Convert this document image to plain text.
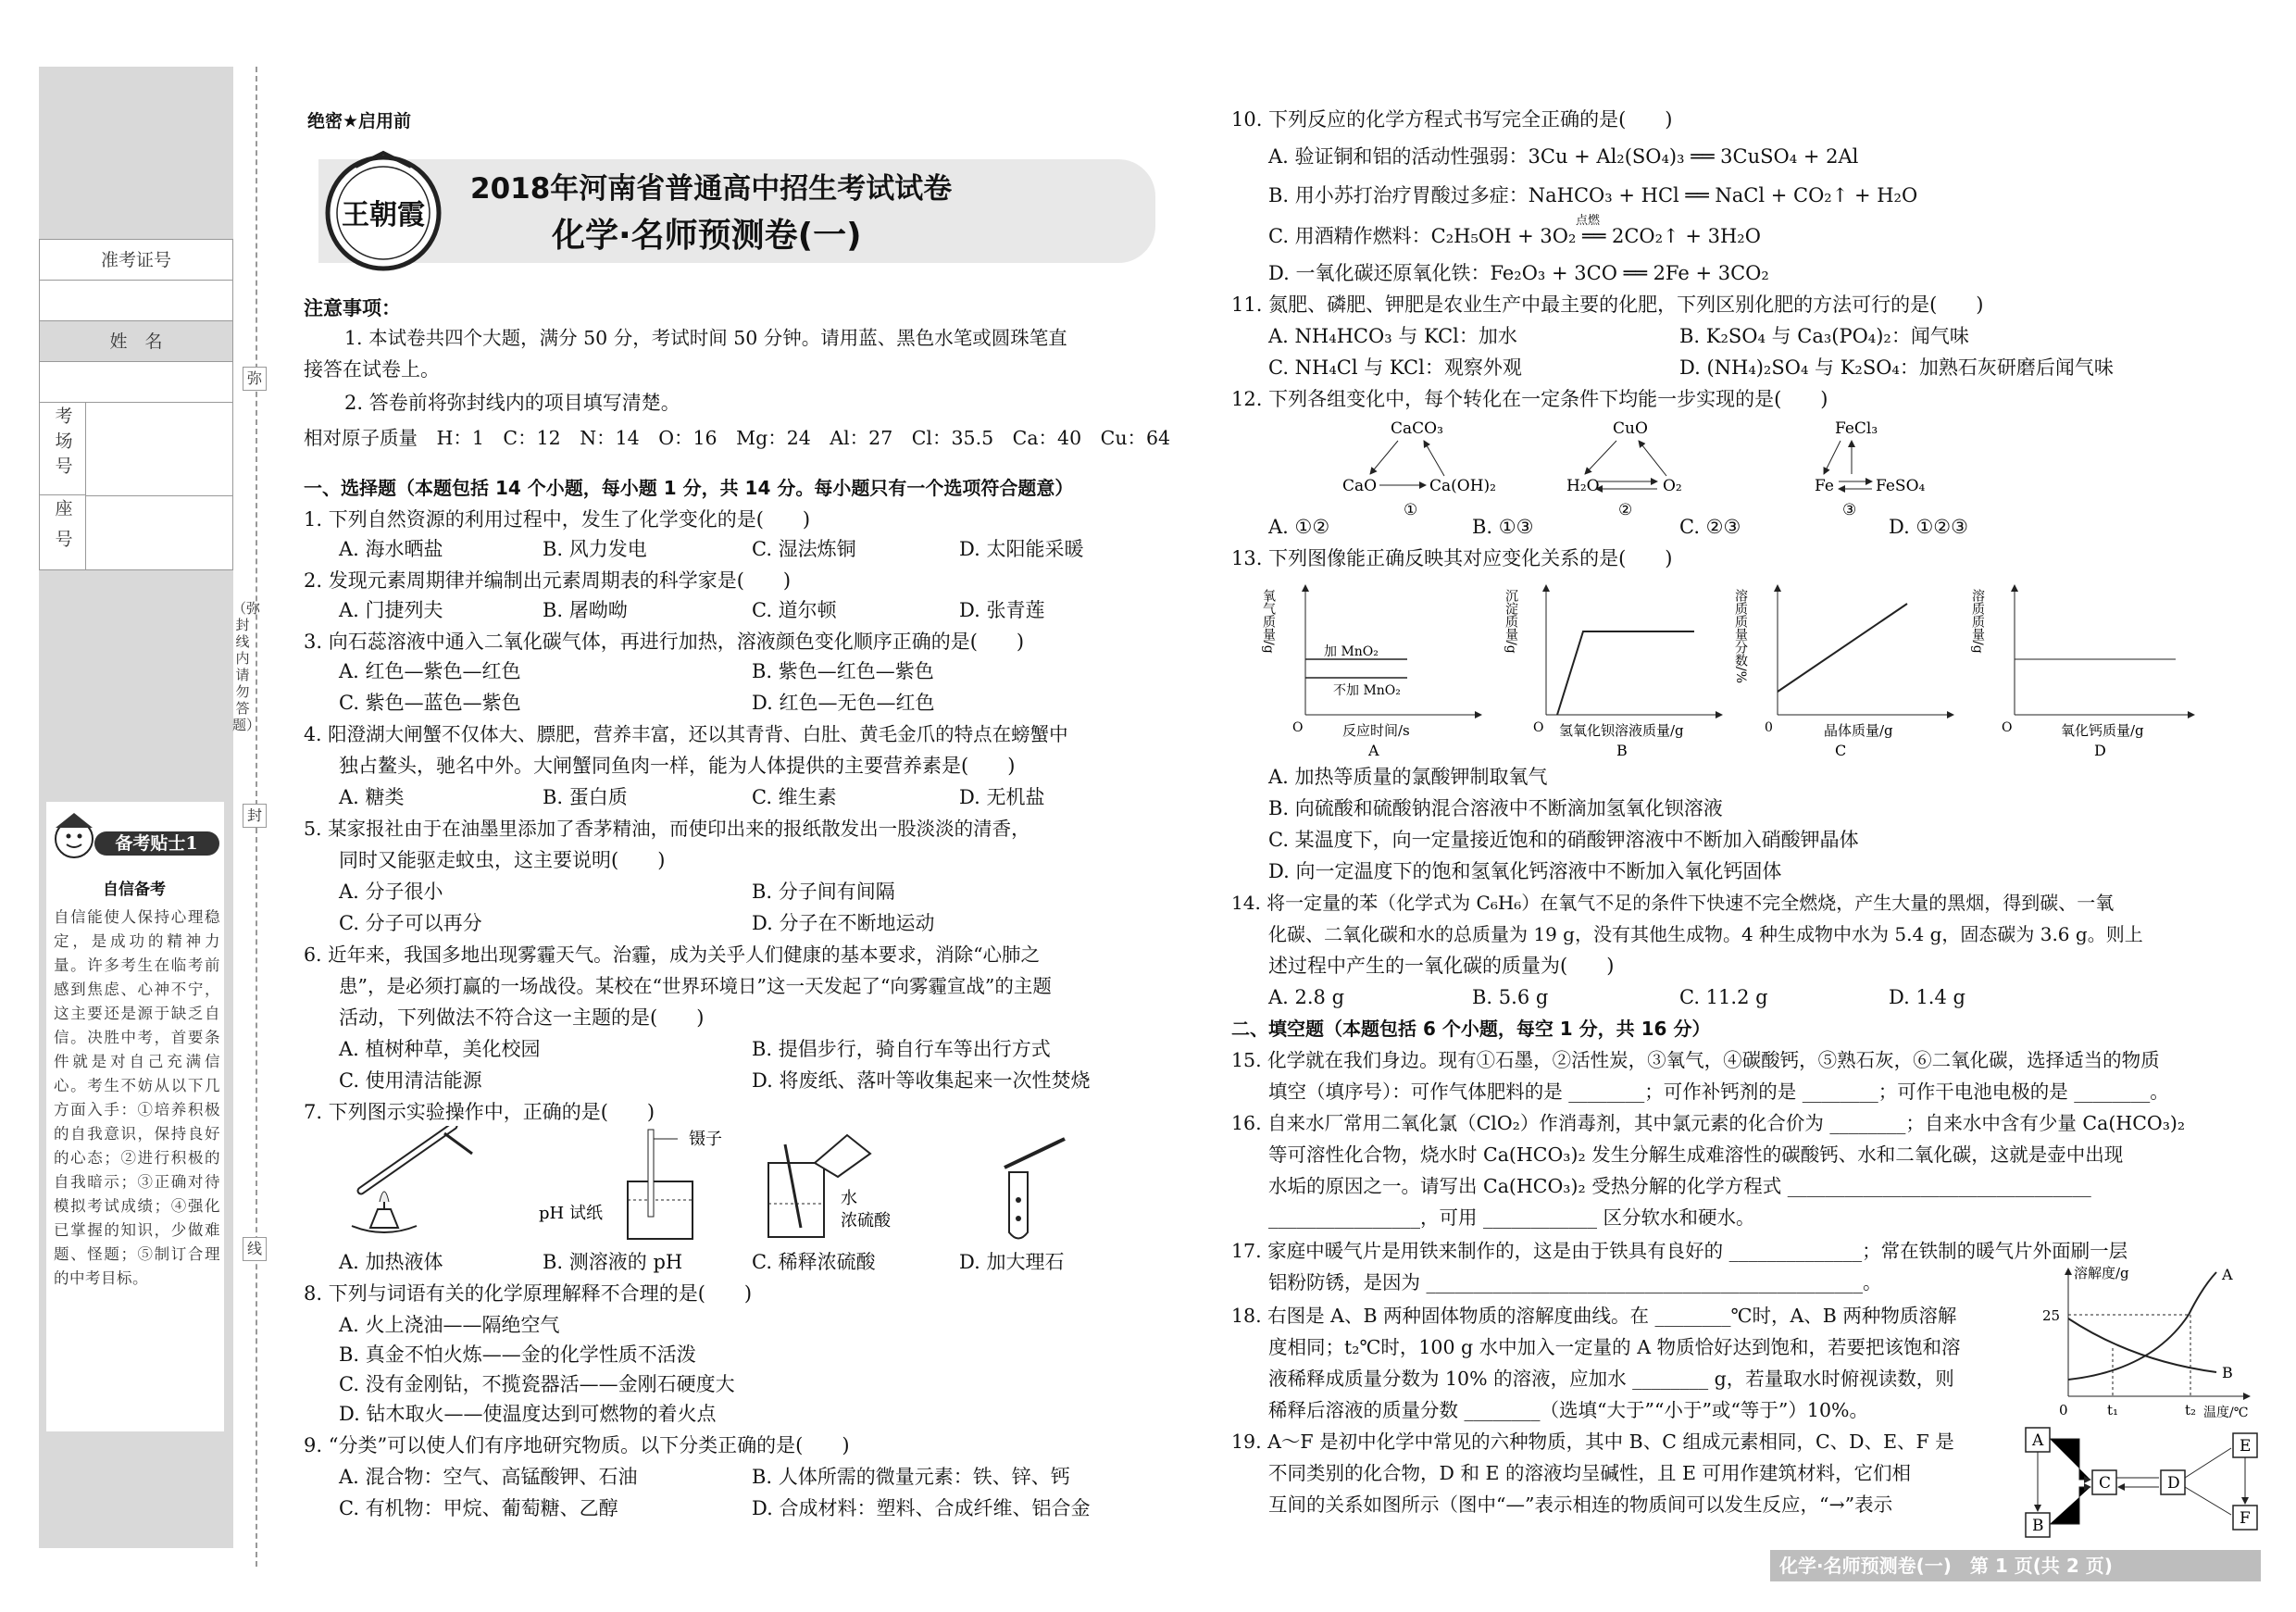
准考证号
姓　名
考场号
座号
备考贴士1
自信备考
自信能使人保持心理稳定，是成功的精神力量。许多考生在临考前感到焦虑、心神不宁，这主要还是源于缺乏自信。决胜中考，首要条件就是对自己充满信心。考生不妨从以下几方面入手：①培养积极的自我意识，保持良好的心态；②进行积极的自我暗示；③正确对待模拟考试成绩；④强化已掌握的知识，少做难题、怪题；⑤制订合理的中考目标。
弥
（弥封线内请勿答题）
封
线
绝密★启用前
王朝霞
2018年河南省普通高中招生考试试卷
化学·名师预测卷(一)
注意事项：
1. 本试卷共四个大题，满分 50 分，考试时间 50 分钟。请用蓝、黑色水笔或圆珠笔直
接答在试卷上。
2. 答卷前将弥封线内的项目填写清楚。
相对原子质量　H：1　C：12　N：14　O：16　Mg：24　Al：27　Cl：35.5　Ca：40　Cu：64
一、选择题（本题包括 14 个小题，每小题 1 分，共 14 分。每小题只有一个选项符合题意）
1. 下列自然资源的利用过程中，发生了化学变化的是(　　)
A. 海水晒盐	B. 风力发电	C. 湿法炼铜	D. 太阳能采暖
2. 发现元素周期律并编制出元素周期表的科学家是(　　)
A. 门捷列夫	B. 屠呦呦	C. 道尔顿	D. 张青莲
3. 向石蕊溶液中通入二氧化碳气体，再进行加热，溶液颜色变化顺序正确的是(　　)
A. 红色—紫色—红色	B. 紫色—红色—紫色
C. 紫色—蓝色—紫色	D. 红色—无色—红色
4. 阳澄湖大闸蟹不仅体大、膘肥，营养丰富，还以其青背、白肚、黄毛金爪的特点在螃蟹中
独占鳌头，驰名中外。大闸蟹同鱼肉一样，能为人体提供的主要营养素是(　　)
A. 糖类	B. 蛋白质	C. 维生素	D. 无机盐
5. 某家报社由于在油墨里添加了香茅精油，而使印出来的报纸散发出一股淡淡的清香，
同时又能驱走蚊虫，这主要说明(　　)
A. 分子很小	B. 分子间有间隔
C. 分子可以再分	D. 分子在不断地运动
6. 近年来，我国多地出现雾霾天气。治霾，成为关乎人们健康的基本要求，消除“心肺之
患”，是必须打赢的一场战役。某校在“世界环境日”这一天发起了“向雾霾宣战”的主题
活动，下列做法不符合这一主题的是(　　)
A. 植树种草，美化校园	B. 提倡步行，骑自行车等出行方式
C. 使用清洁能源	D. 将废纸、落叶等收集起来一次性焚烧
7. 下列图示实验操作中，正确的是(　　)
镊子
pH 试纸
水
浓硫酸
A. 加热液体	B. 测溶液的 pH	C. 稀释浓硫酸	D. 加大理石
8. 下列与词语有关的化学原理解释不合理的是(　　)
A. 火上浇油——隔绝空气
B. 真金不怕火炼——金的化学性质不活泼
C. 没有金刚钻，不揽瓷器活——金刚石硬度大
D. 钻木取火——使温度达到可燃物的着火点
9. “分类”可以使人们有序地研究物质。以下分类正确的是(　　)
A. 混合物：空气、高锰酸钾、石油	B. 人体所需的微量元素：铁、锌、钙
C. 有机物：甲烷、葡萄糖、乙醇	D. 合成材料：塑料、合成纤维、铝合金
10. 下列反应的化学方程式书写完全正确的是(　　)
A. 验证铜和铝的活动性强弱：3Cu + Al₂(SO₄)₃ ══ 3CuSO₄ + 2Al
B. 用小苏打治疗胃酸过多症：NaHCO₃ + HCl ══ NaCl + CO₂↑ + H₂O
C. 用酒精作燃料：C₂H₅OH + 3O₂ ══ 2CO₂↑ + 3H₂O
点燃
D. 一氧化碳还原氧化铁：Fe₂O₃ + 3CO ══ 2Fe + 3CO₂
11. 氮肥、磷肥、钾肥是农业生产中最主要的化肥，下列区别化肥的方法可行的是(　　)
A. NH₄HCO₃ 与 KCl：加水	B. K₂SO₄ 与 Ca₃(PO₄)₂：闻气味
C. NH₄Cl 与 KCl：观察外观	D. (NH₄)₂SO₄ 与 K₂SO₄：加熟石灰研磨后闻气味
12. 下列各组变化中，每个转化在一定条件下均能一步实现的是(　　)
CaCO₃
CaO	Ca(OH)₂
①
CuO
H₂O	O₂
②
FeCl₃
Fe	FeSO₄
③
A. ①②	B. ①③	C. ②③	D. ①②③
13. 下列图像能正确反映其对应变化关系的是(　　)
氧气质量/g	加 MnO₂
不加 MnO₂
O	反应时间/s
A
沉淀质量/g
O 氢氧化钡溶液质量/g
B
溶质质量分数/%
0	晶体质量/g
C
溶质质量/g
O	氧化钙质量/g
D
A. 加热等质量的氯酸钾制取氧气
B. 向硫酸和硫酸钠混合溶液中不断滴加氢氧化钡溶液
C. 某温度下，向一定量接近饱和的硝酸钾溶液中不断加入硝酸钾晶体
D. 向一定温度下的饱和氢氧化钙溶液中不断加入氧化钙固体
14. 将一定量的苯（化学式为 C₆H₆）在氧气不足的条件下快速不完全燃烧，产生大量的黑烟，得到碳、一氧
化碳、二氧化碳和水的总质量为 19 g，没有其他生成物。4 种生成物中水为 5.4 g，固态碳为 3.6 g。则上
述过程中产生的一氧化碳的质量为(　　)
A. 2.8 g	B. 5.6 g	C. 11.2 g	D. 1.4 g
二、填空题（本题包括 6 个小题，每空 1 分，共 16 分）
15. 化学就在我们身边。现有①石墨，②活性炭，③氧气，④碳酸钙，⑤熟石灰，⑥二氧化碳，选择适当的物质
填空（填序号）：可作气体肥料的是 ________；可作补钙剂的是 ________；可作干电池电极的是 ________。
16. 自来水厂常用二氧化氯（ClO₂）作消毒剂，其中氯元素的化合价为 ________；自来水中含有少量 Ca(HCO₃)₂
等可溶性化合物，烧水时 Ca(HCO₃)₂ 发生分解生成难溶性的碳酸钙、水和二氧化碳，这就是壶中出现
水垢的原因之一。请写出 Ca(HCO₃)₂ 受热分解的化学方程式 ________________________________
________________，可用 ____________ 区分软水和硬水。
17. 家庭中暖气片是用铁来制作的，这是由于铁具有良好的 ______________；常在铁制的暖气片外面刷一层
铝粉防锈，是因为 ______________________________________________。
18. 右图是 A、B 两种固体物质的溶解度曲线。在 ________℃时，A、B 两种物质溶解
度相同；t₂℃时，100 g 水中加入一定量的 A 物质恰好达到饱和，若要把该饱和溶
液稀释成质量分数为 10% 的溶液，应加水 ________ g，若量取水时俯视读数，则
稀释后溶液的质量分数 ________（选填“大于”“小于”或“等于”）10%。
溶解度/g	A
B
25
0	t₁	t₂ 温度/℃
19. A～F 是初中化学中常见的六种物质，其中 B、C 组成元素相同，C、D、E、F 是
不同类别的化合物，D 和 E 的溶液均呈碱性，且 E 可用作建筑材料，它们相
互间的关系如图所示（图中“—”表示相连的物质间可以发生反应，“→”表示
A
B
C	D
E
F
化学·名师预测卷(一)　第 1 页(共 2 页)
